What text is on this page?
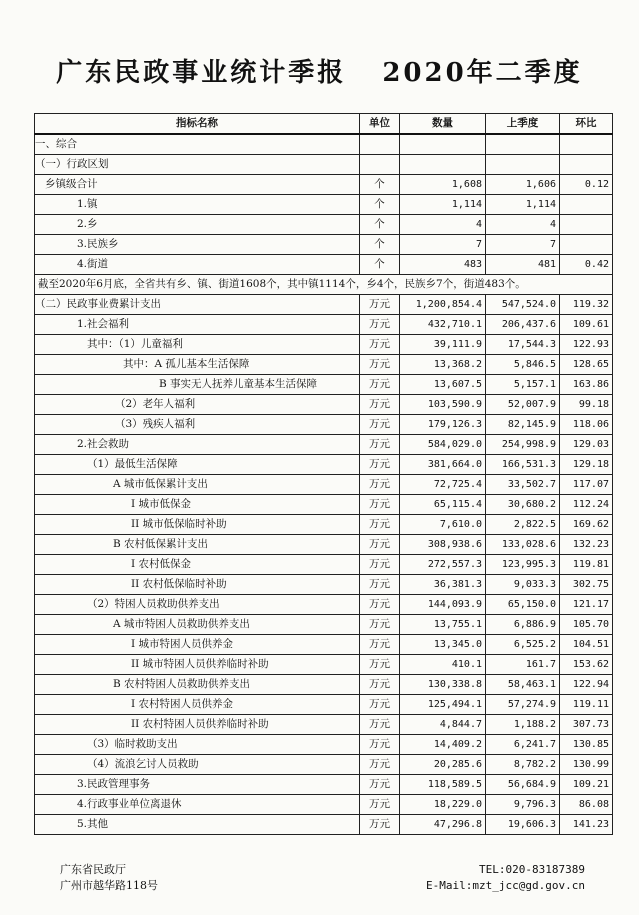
广东民政事业统计季报 2020年二季度
指标名称	单位	数量	上季度	环比
一、综合				
（一）行政区划				
乡镇级合计	个	1,608	1,606	0.12
1.镇	个	1,114	1,114	
2.乡	个	4	4	
3.民族乡	个	7	7	
4.街道	个	483	481	0.42
截至2020年6月底，全省共有乡、镇、街道1608个，其中镇1114个，乡4个，民族乡7个，街道483个。				
（二）民政事业费累计支出	万元	1,200,854.4	547,524.0	119.32
1.社会福利	万元	432,710.1	206,437.6	109.61
其中：（1）儿童福利	万元	39,111.9	17,544.3	122.93
其中：A 孤儿基本生活保障	万元	13,368.2	5,846.5	128.65
B 事实无人抚养儿童基本生活保障	万元	13,607.5	5,157.1	163.86
（2）老年人福利	万元	103,590.9	52,007.9	99.18
（3）残疾人福利	万元	179,126.3	82,145.9	118.06
2.社会救助	万元	584,029.0	254,998.9	129.03
（1）最低生活保障	万元	381,664.0	166,531.3	129.18
A 城市低保累计支出	万元	72,725.4	33,502.7	117.07
I 城市低保金	万元	65,115.4	30,680.2	112.24
II 城市低保临时补助	万元	7,610.0	2,822.5	169.62
B 农村低保累计支出	万元	308,938.6	133,028.6	132.23
I 农村低保金	万元	272,557.3	123,995.3	119.81
II 农村低保临时补助	万元	36,381.3	9,033.3	302.75
（2）特困人员救助供养支出	万元	144,093.9	65,150.0	121.17
A 城市特困人员救助供养支出	万元	13,755.1	6,886.9	105.70
I 城市特困人员供养金	万元	13,345.0	6,525.2	104.51
II 城市特困人员供养临时补助	万元	410.1	161.7	153.62
B 农村特困人员救助供养支出	万元	130,338.8	58,463.1	122.94
I 农村特困人员供养金	万元	125,494.1	57,274.9	119.11
II 农村特困人员供养临时补助	万元	4,844.7	1,188.2	307.73
（3）临时救助支出	万元	14,409.2	6,241.7	130.85
（4）流浪乞讨人员救助	万元	20,285.6	8,782.2	130.99
3.民政管理事务	万元	118,589.5	56,684.9	109.21
4.行政事业单位离退休	万元	18,229.0	9,796.3	86.08
5.其他	万元	47,296.8	19,606.3	141.23
广东省民政厅
广州市越华路118号
TEL:020-83187389
E-Mail:mzt_jcc@gd.gov.cn
